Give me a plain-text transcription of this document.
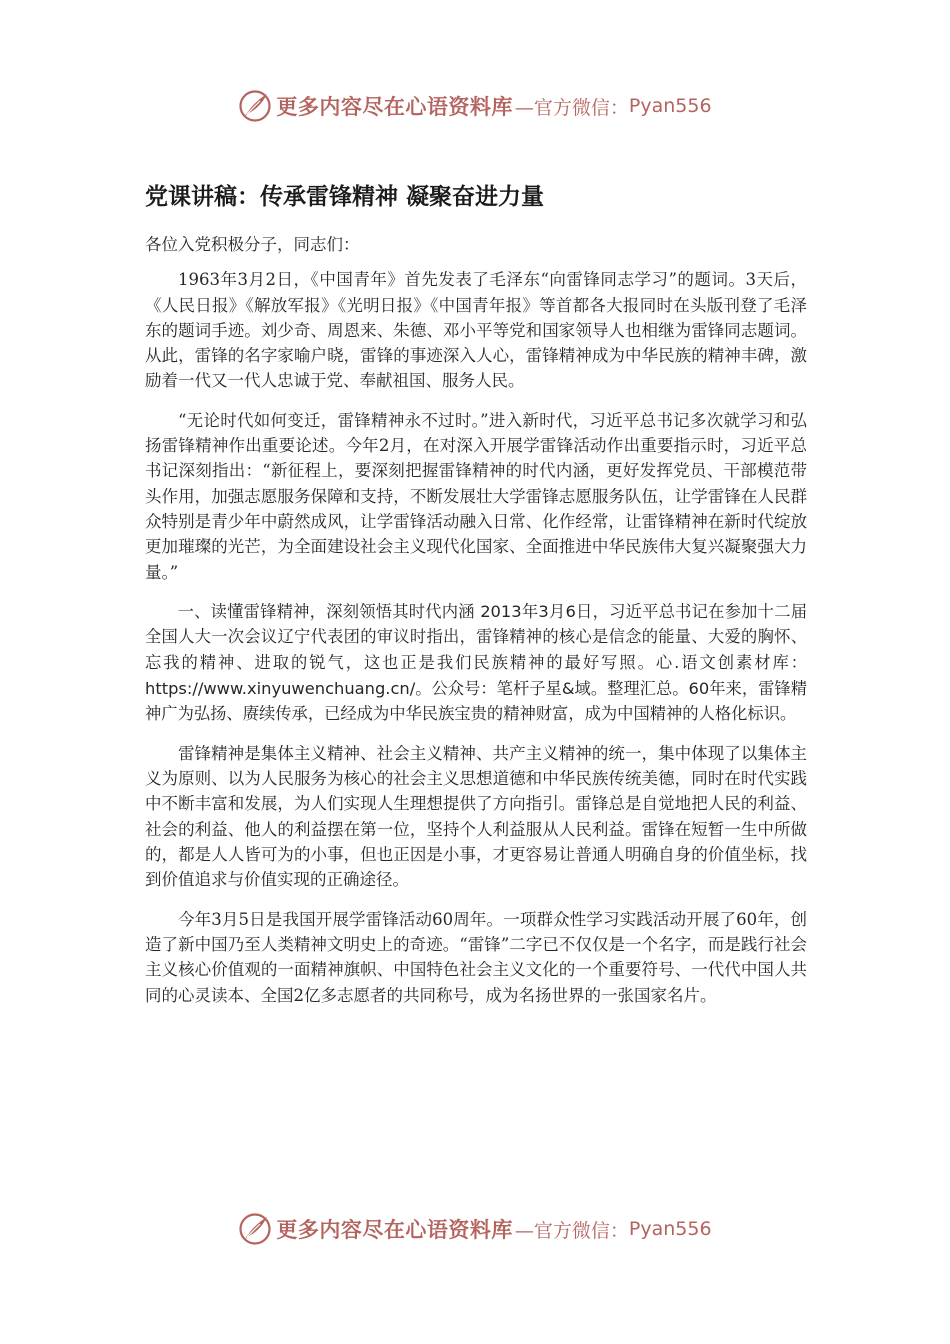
更多内容尽在心语资料库 —官方微信： Pyan556
党课讲稿：传承雷锋精神 凝聚奋进力量

各位入党积极分子，同志们：

1963年3月2日，《中国青年》首先发表了毛泽东“向雷锋同志学习”的题词。3天后，《人民日报》《解放军报》《光明日报》《中国青年报》等首都各大报同时在头版刊登了毛泽东的题词手迹。刘少奇、周恩来、朱德、邓小平等党和国家领导人也相继为雷锋同志题词。从此，雷锋的名字家喻户晓，雷锋的事迹深入人心，雷锋精神成为中华民族的精神丰碑，激励着一代又一代人忠诚于党、奉献祖国、服务人民。

“无论时代如何变迁，雷锋精神永不过时。”进入新时代，习近平总书记多次就学习和弘扬雷锋精神作出重要论述。今年2月，在对深入开展学雷锋活动作出重要指示时，习近平总书记深刻指出：“新征程上，要深刻把握雷锋精神的时代内涵，更好发挥党员、干部模范带头作用，加强志愿服务保障和支持，不断发展壮大学雷锋志愿服务队伍，让学雷锋在人民群众特别是青少年中蔚然成风，让学雷锋活动融入日常、化作经常，让雷锋精神在新时代绽放更加璀璨的光芒，为全面建设社会主义现代化国家、全面推进中华民族伟大复兴凝聚强大力量。”

一、读懂雷锋精神，深刻领悟其时代内涵 2013年3月6日，习近平总书记在参加十二届全国人大一次会议辽宁代表团的审议时指出，雷锋精神的核心是信念的能量、大爱的胸怀、忘我的精神、进取的锐气，这也正是我们民族精神的最好写照。心.语文创素材库：https://www.xinyuwenchuang.cn/。公众号：笔杆子星&域。整理汇总。60年来，雷锋精神广为弘扬、赓续传承，已经成为中华民族宝贵的精神财富，成为中国精神的人格化标识。

雷锋精神是集体主义精神、社会主义精神、共产主义精神的统一，集中体现了以集体主义为原则、以为人民服务为核心的社会主义思想道德和中华民族传统美德，同时在时代实践中不断丰富和发展，为人们实现人生理想提供了方向指引。雷锋总是自觉地把人民的利益、社会的利益、他人的利益摆在第一位，坚持个人利益服从人民利益。雷锋在短暂一生中所做的，都是人人皆可为的小事，但也正因是小事，才更容易让普通人明确自身的价值坐标，找到价值追求与价值实现的正确途径。

今年3月5日是我国开展学雷锋活动60周年。一项群众性学习实践活动开展了60年，创造了新中国乃至人类精神文明史上的奇迹。“雷锋”二字已不仅仅是一个名字，而是践行社会主义核心价值观的一面精神旗帜、中国特色社会主义文化的一个重要符号、一代代中国人共同的心灵读本、全国2亿多志愿者的共同称号，成为名扬世界的一张国家名片。

更多内容尽在心语资料库 —官方微信： Pyan556
